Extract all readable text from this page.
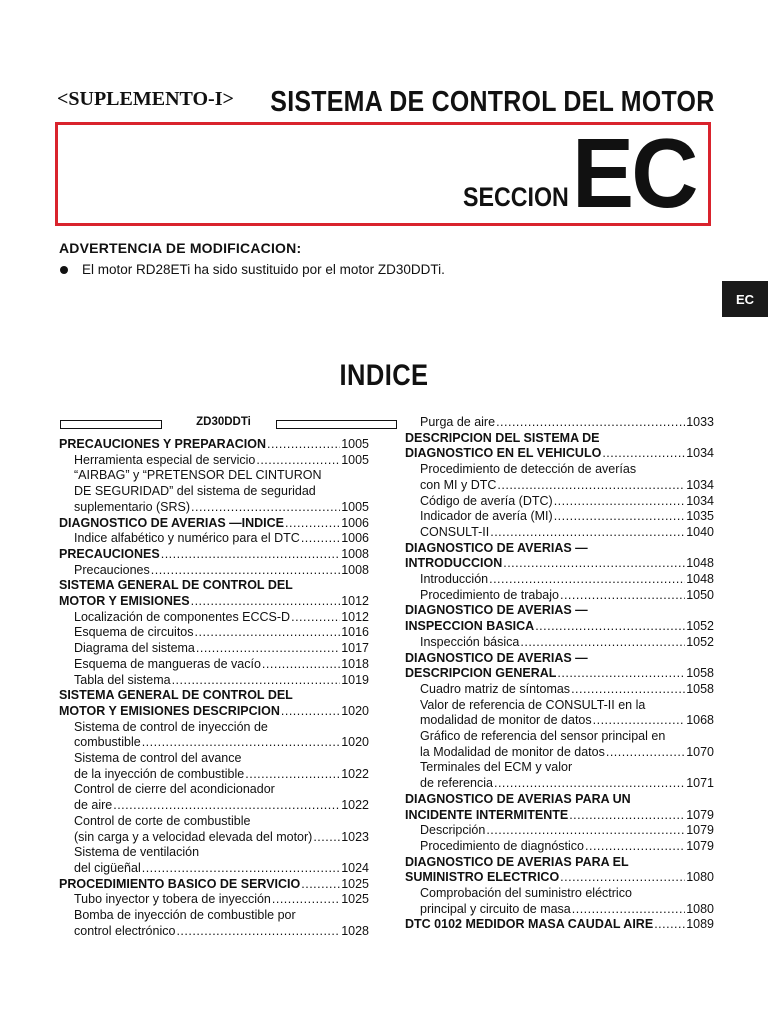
<SUPLEMENTO-I> SISTEMA DE CONTROL DEL MOTOR
SECCION EC
ADVERTENCIA DE MODIFICACION:
El motor RD28ETi ha sido sustituido por el motor ZD30DDTi.
EC
INDICE
ZD30DDTi
PRECAUCIONES Y PREPARACION .....	1005
Herramienta especial de servicio .....	1005
“AIRBAG” y “PRETENSOR DEL CINTURON
DE SEGURIDAD” del sistema de seguridad
suplementario (SRS) .....	1005
DIAGNOSTICO DE AVERIAS —INDICE .....	1006
Indice alfabético y numérico para el DTC .....	1006
PRECAUCIONES .....	1008
Precauciones .....	1008
SISTEMA GENERAL DE CONTROL DEL
MOTOR Y EMISIONES .....	1012
Localización de componentes ECCS-D .....	1012
Esquema de circuitos .....	1016
Diagrama del sistema .....	1017
Esquema de mangueras de vacío .....	1018
Tabla del sistema .....	1019
SISTEMA GENERAL DE CONTROL DEL
MOTOR Y EMISIONES DESCRIPCION .....	1020
Sistema de control de inyección de
combustible .....	1020
Sistema de control del avance
de la inyección de combustible .....	1022
Control de cierre del acondicionador
de aire .....	1022
Control de corte de combustible
(sin carga y a velocidad elevada del motor) ..... 1023
Sistema de ventilación
del cigüeñal .....	1024
PROCEDIMIENTO BASICO DE SERVICIO .....	1025
Tubo inyector y tobera de inyección .....	1025
Bomba de inyección de combustible por
control electrónico .....	1028
Purga de aire .....	1033
DESCRIPCION DEL SISTEMA DE
DIAGNOSTICO EN EL VEHICULO .....	1034
Procedimiento de detección de averías
con MI y DTC .....	1034
Código de avería (DTC) .....	1034
Indicador de avería (MI) .....	1035
CONSULT-II .....	1040
DIAGNOSTICO DE AVERIAS —
INTRODUCCION .....	1048
Introducción .....	1048
Procedimiento de trabajo .....	1050
DIAGNOSTICO DE AVERIAS —
INSPECCION BASICA .....	1052
Inspección básica .....	1052
DIAGNOSTICO DE AVERIAS —
DESCRIPCION GENERAL .....	1058
Cuadro matriz de síntomas .....	1058
Valor de referencia de CONSULT-II en la
modalidad de monitor de datos .....	1068
Gráfico de referencia del sensor principal en
la Modalidad de monitor de datos .....	1070
Terminales del ECM y valor
de referencia .....	1071
DIAGNOSTICO DE AVERIAS PARA UN
INCIDENTE INTERMITENTE .....	1079
Descripción .....	1079
Procedimiento de diagnóstico .....	1079
DIAGNOSTICO DE AVERIAS PARA EL
SUMINISTRO ELECTRICO .....	1080
Comprobación del suministro eléctrico
principal y circuito de masa .....	1080
DTC 0102 MEDIDOR MASA CAUDAL AIRE .....	1089
